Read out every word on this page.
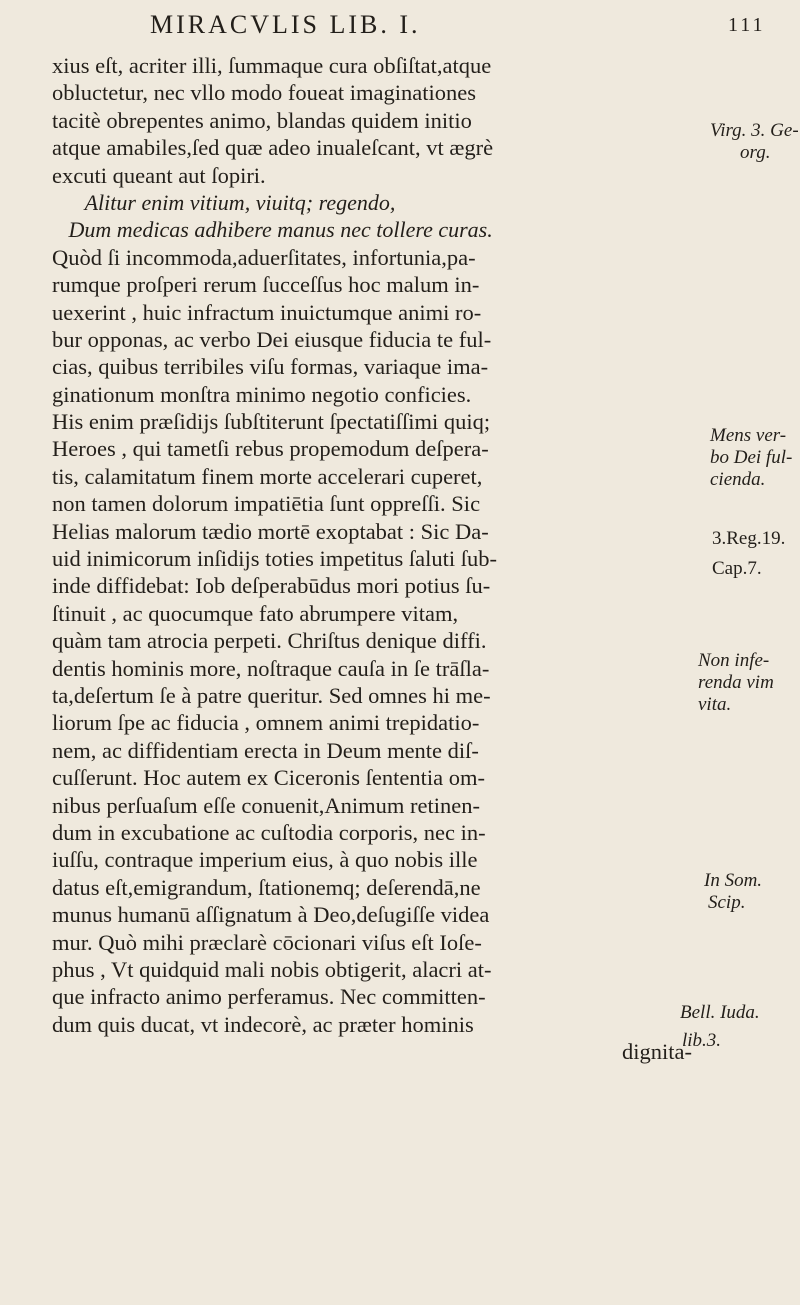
MIRACVLIS LIB. I.	111
xius eſt, acriter illi, ſummaque cura obſiſtat,atque
obluctetur, nec vllo modo foueat imaginationes
tacitè obrepentes animo, blandas quidem initio
atque amabiles,ſed quæ adeo inualeſcant, vt ægrè
excuti queant aut ſopiri.
Alitur enim vitium, viuitq; regendo,
Dum medicas adhibere manus nec tollere curas.
Quòd ſi incommoda,aduerſitates, infortunia,pa-
rumque proſperi rerum ſucceſſus hoc malum in-
uexerint , huic infractum inuictumque animi ro-
bur opponas, ac verbo Dei eiusque fiducia te ful-
cias, quibus terribiles viſu formas, variaque ima-
ginationum monſtra minimo negotio conficies.
His enim præſidijs ſubſtiterunt ſpectatiſſimi quiq;
Heroes , qui tametſi rebus propemodum deſpera-
tis, calamitatum finem morte accelerari cuperet,
non tamen dolorum impatiētia ſunt oppreſſi. Sic
Helias malorum tædio mortē exoptabat : Sic Da-
uid inimicorum inſidijs toties impetitus ſaluti ſub-
inde diffidebat: Iob deſperabūdus mori potius ſu-
ſtinuit , ac quocumque fato abrumpere vitam,
quàm tam atrocia perpeti. Chriſtus denique diffi.
dentis hominis more, noſtraque cauſa in ſe trāſla-
ta,deſertum ſe à patre queritur. Sed omnes hi me-
liorum ſpe ac fiducia , omnem animi trepidatio-
nem, ac diffidentiam erecta in Deum mente diſ-
cuſſerunt. Hoc autem ex Ciceronis ſententia om-
nibus perſuaſum eſſe conuenit,Animum retinen-
dum in excubatione ac cuſtodia corporis, nec in-
iuſſu, contraque imperium eius, à quo nobis ille
datus eſt,emigrandum, ſtationemq; deſerendā,ne
munus humanū aſſignatum à Deo,deſugiſſe videa
mur. Quò mihi præclarè cōcionari viſus eſt Ioſe-
phus , Vt quidquid mali nobis obtigerit, alacri at-
que infracto animo perferamus. Nec committen-
dum quis ducat, vt indecorè, ac præter hominis
dignita-
Virg. 3. Ge-
org.
Mens ver-
bo Dei ful-
cienda.
3.Reg.19.
Cap.7.
Non infe-
renda vim
vita.
In Som.
Scip.
Bell. Iuda.
lib.3.
